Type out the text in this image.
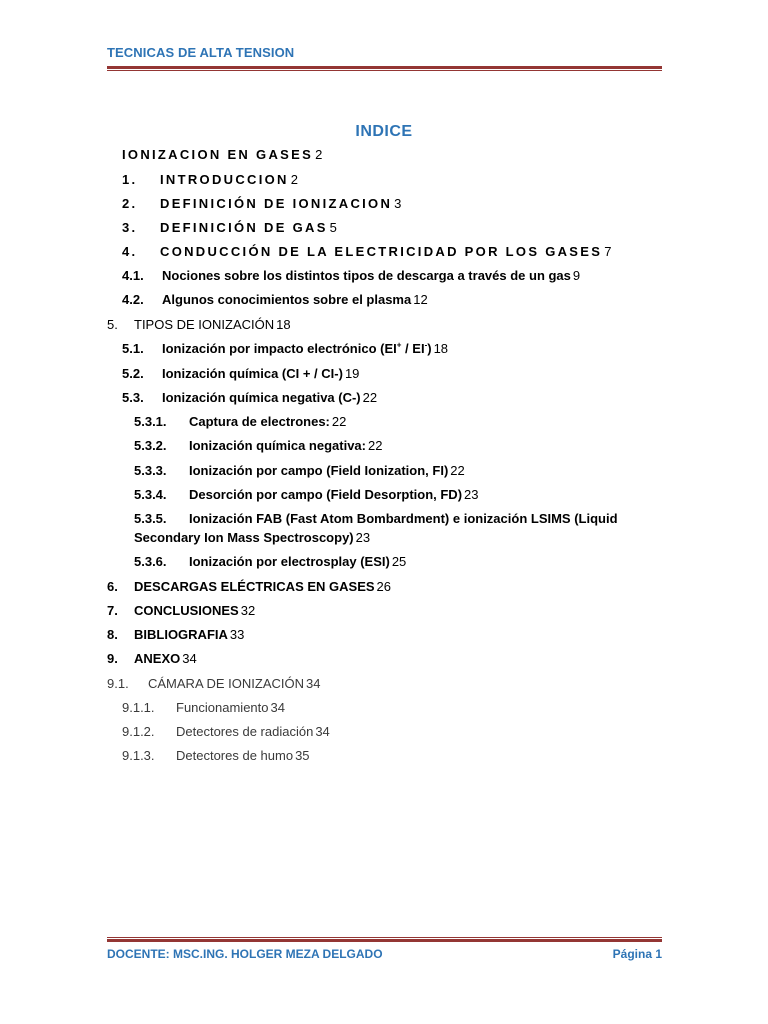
TECNICAS DE ALTA TENSION
INDICE
IONIZACION EN GASES 2
1.	INTRODUCCION 2
2.	DEFINICIÓN DE IONIZACION 3
3.	DEFINICIÓN DE GAS 5
4.	CONDUCCIÓN DE LA ELECTRICIDAD POR LOS GASES 7
4.1.	Nociones sobre los distintos tipos de descarga a través de un gas 9
4.2.	Algunos conocimientos sobre el plasma 12
5.	TIPOS DE IONIZACIÓN 18
5.1.	Ionización por impacto electrónico (EI+ / EI-) 18
5.2.	Ionización química (CI + / CI-) 19
5.3.	Ionización química negativa (C-) 22
5.3.1.	Captura de electrones: 22
5.3.2.	Ionización química negativa: 22
5.3.3.	Ionización por campo (Field Ionization, FI) 22
5.3.4.	Desorción por campo (Field Desorption, FD) 23
5.3.5. Ionización FAB (Fast Atom Bombardment) e ionización LSIMS (Liquid
Secondary Ion Mass Spectroscopy) 23
5.3.6.	Ionización por electrosplay (ESI) 25
6.	DESCARGAS ELÉCTRICAS EN GASES 26
7.	CONCLUSIONES 32
8.	BIBLIOGRAFIA 33
9.	ANEXO 34
9.1.	CÁMARA DE IONIZACIÓN 34
9.1.1.	Funcionamiento 34
9.1.2.	Detectores de radiación 34
9.1.3.	Detectores de humo 35
DOCENTE: MSC.ING. HOLGER MEZA DELGADO	Página 1
